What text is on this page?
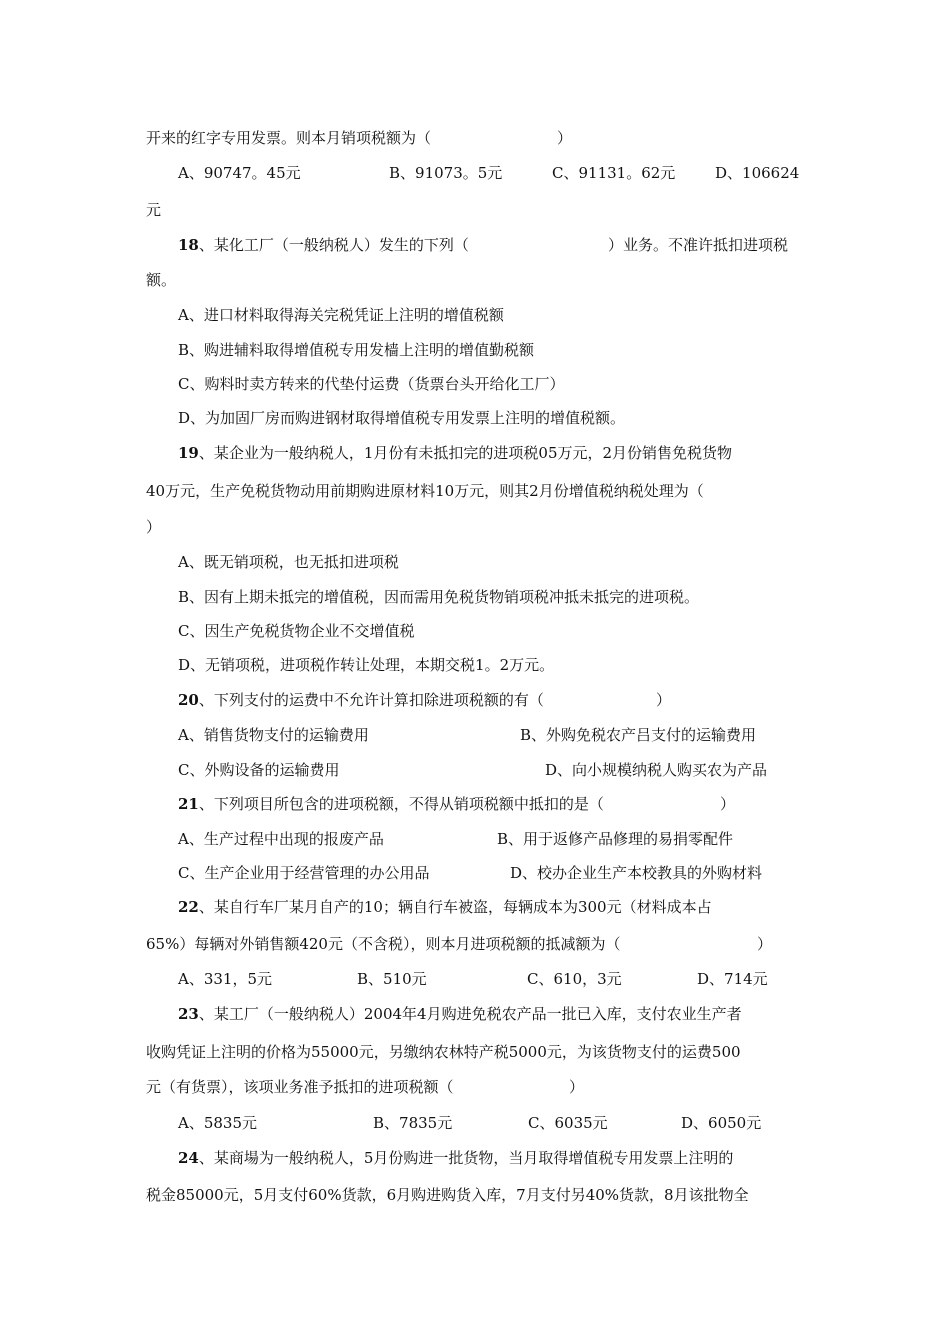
开来的红字专用发票。则本月销项税额为（	）
A、90747。45元	B、91073。5元	C、91131。62元	D、106624
元
18、某化工厂（一般纳税人）发生的下列（	）业务。不准许抵扣进项税
额。
A、进口材料取得海关完税凭证上注明的增值税额
B、购进辅料取得增值税专用发樯上注明的增值勤税额
C、购料时卖方转来的代垫付运费（货票台头开给化工厂）
D、为加固厂房而购进钢材取得增值税专用发票上注明的增值税额。
19、某企业为一般纳税人，1月份有未抵扣完的进项税05万元，2月份销售免税货物
40万元，生产免税货物动用前期购进原材料10万元，则其2月份增值税纳税处理为（
）
A、既无销项税，也无抵扣进项税
B、因有上期未抵完的增值税，因而需用免税货物销项税冲抵未抵完的进项税。
C、因生产免税货物企业不交增值税
D、无销项税，进项税作转让处理，本期交税1。2万元。
20、下列支付的运费中不允许计算扣除进项税额的有（	）
A、销售货物支付的运输费用	B、外购免税农产吕支付的运输费用
C、外购设备的运输费用	D、向小规模纳税人购买农为产品
21、下列项目所包含的进项税额，不得从销项税额中抵扣的是（	）
A、生产过程中出现的报废产品	B、用于返修产品修理的易捐零配件
C、生产企业用于经营管理的办公用品	D、校办企业生产本校教具的外购材料
22、某自行车厂某月自产的10；辆自行车被盗，每辆成本为300元（材料成本占
65%）每辆对外销售额420元（不含税），则本月进项税额的抵减额为（	）
A、331，5元	B、510元	C、610，3元	D、714元
23、某工厂（一般纳税人）2004年4月购进免税农产品一批已入库，支付农业生产者
收购凭证上注明的价格为55000元，另缴纳农林特产税5000元，为该货物支付的运费500
元（有货票），该项业务准予抵扣的进项税额（	）
A、5835元	B、7835元	C、6035元	D、6050元
24、某商場为一般纳税人，5月份购进一批货物，当月取得增值税专用发票上注明的
税金85000元，5月支付60%货款，6月购进购货入库，7月支付另40%货款，8月该批物全
